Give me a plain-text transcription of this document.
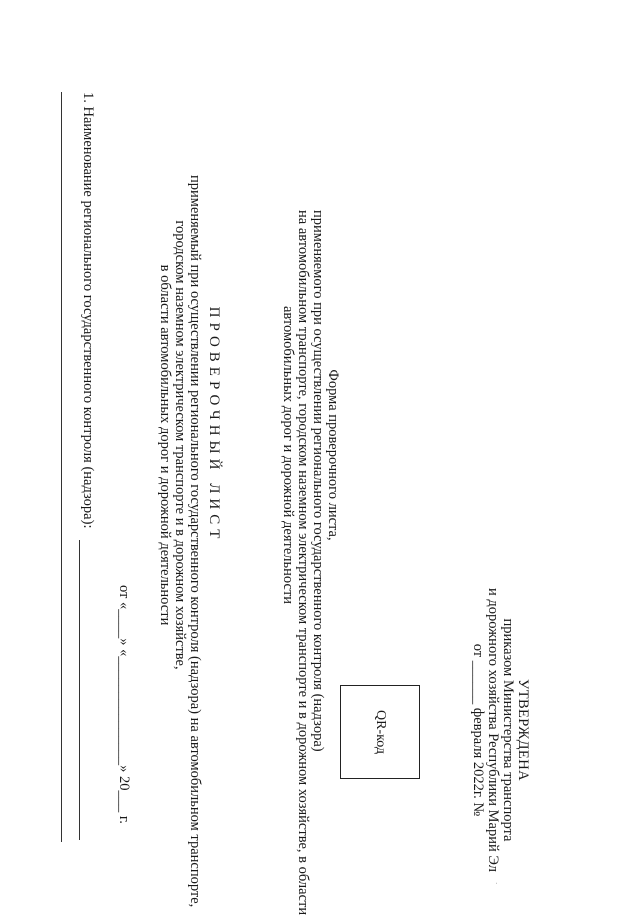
УТВЕРЖДЕНА
приказом Министерства транспорта
и дорожного хозяйства Республики Марий Эл
от ______ февраля 2022г. №
QR-код
Форма проверочного листа,
применяемого при осуществлении регионального государственного контроля (надзора)
на автомобильном транспорте, городском наземном электрическом транспорте и в дорожном хозяйстве, в области
автомобильных дорог и дорожной деятельности
ПРОВЕРОЧНЫЙ ЛИСТ
применяемый при осуществлении регионального государственного контроля (надзора) на автомобильном транспорте,
городском наземном электрическом транспорте и в дорожном хозяйстве,
в области автомобильных дорог и дорожной деятельности
от «____» «_______________» 20___ г.
1. Наименование регионального государственного контроля (надзора):
·
